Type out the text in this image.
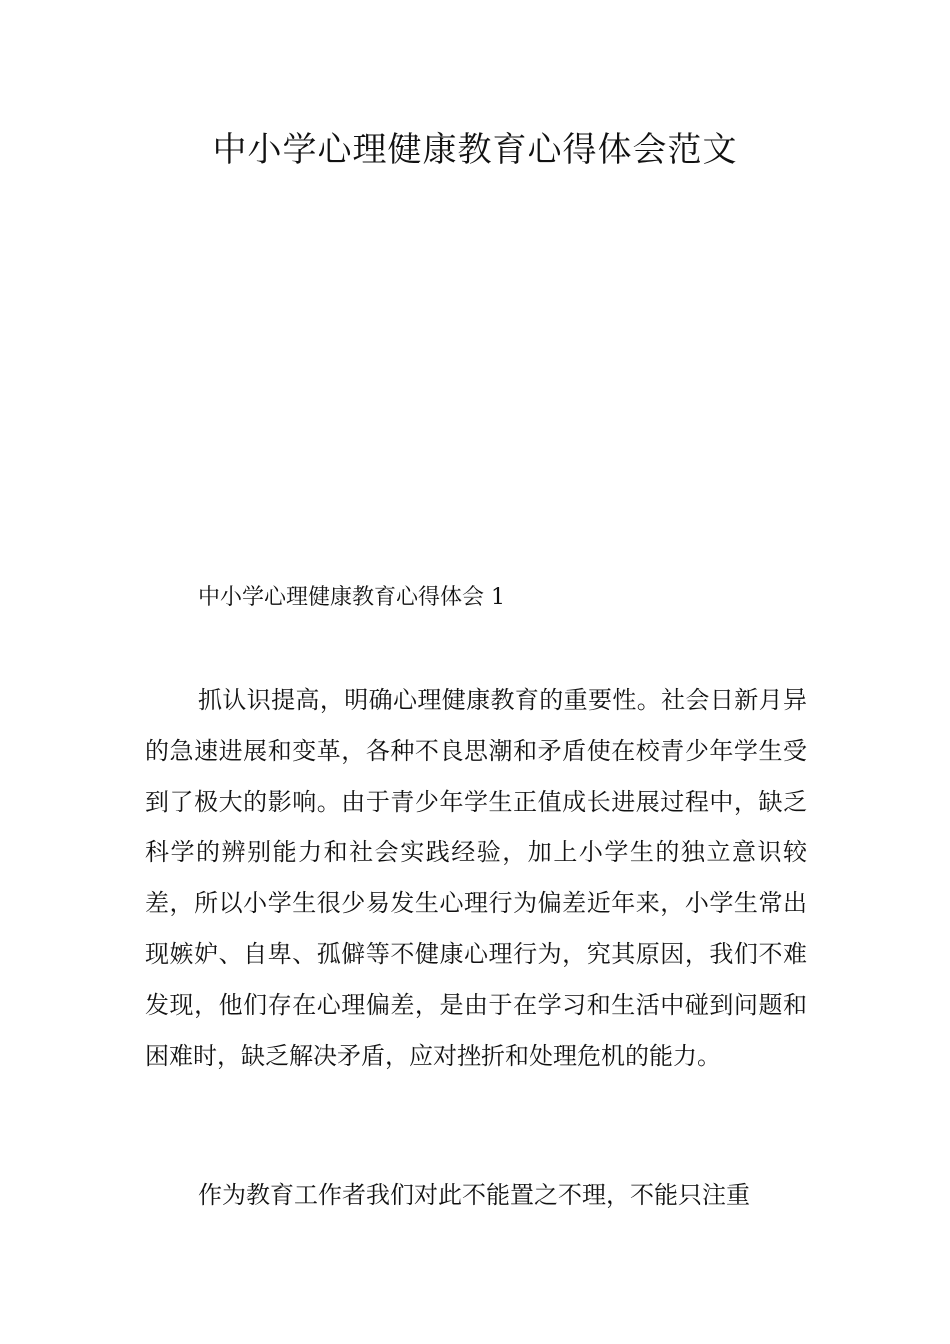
中小学心理健康教育心得体会范文
中小学心理健康教育心得体会 1

抓认识提高，明确心理健康教育的重要性。社会日新月异的急速进展和变革，各种不良思潮和矛盾使在校青少年学生受到了极大的影响。由于青少年学生正值成长进展过程中，缺乏科学的辨别能力和社会实践经验，加上小学生的独立意识较差，所以小学生很少易发生心理行为偏差近年来，小学生常出现嫉妒、自卑、孤僻等不健康心理行为，究其原因，我们不难发现，他们存在心理偏差，是由于在学习和生活中碰到问题和困难时，缺乏解决矛盾，应对挫折和处理危机的能力。

作为教育工作者我们对此不能置之不理，不能只注重
